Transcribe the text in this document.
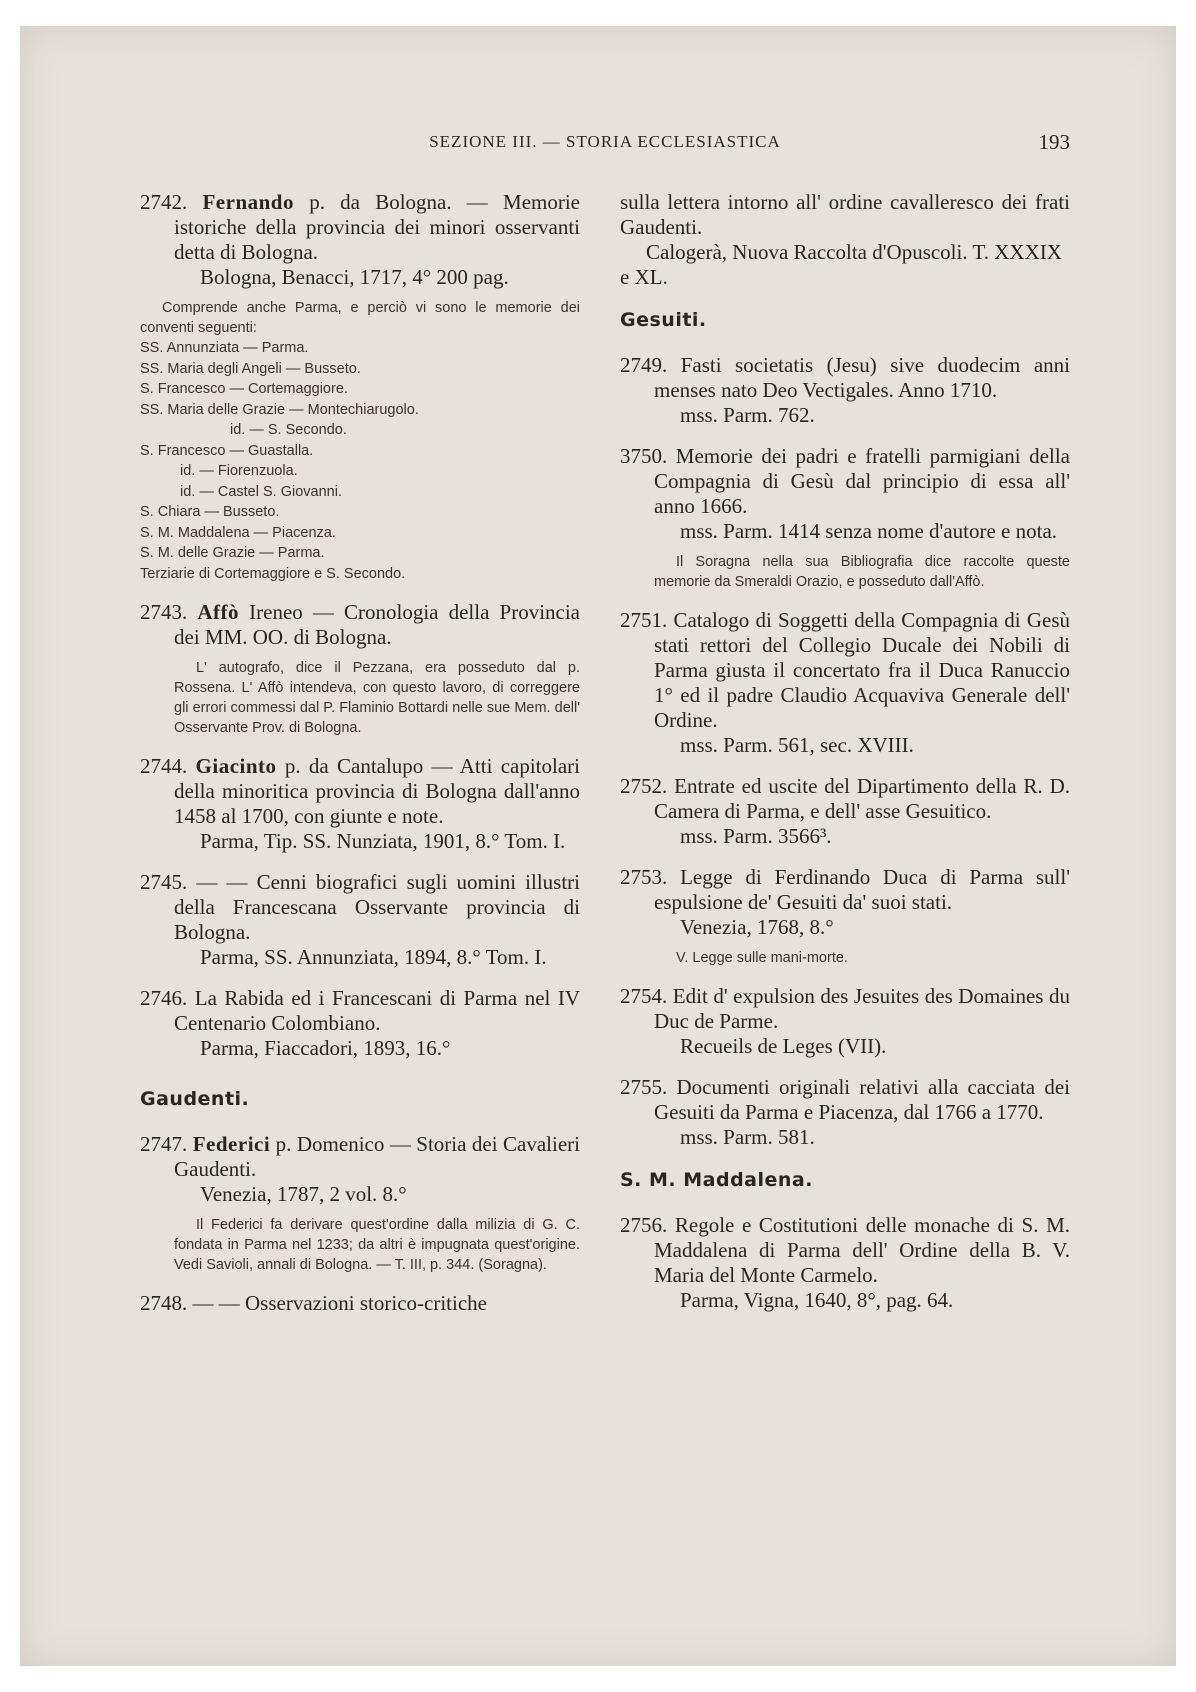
SEZIONE III. — STORIA ECCLESIASTICA	193
2742. Fernando p. da Bologna. — Memorie istoriche della provincia dei minori osservanti detta di Bologna.

Bologna, Benacci, 1717, 4° 200 pag.

Comprende anche Parma, e perciò vi sono le memorie dei conventi seguenti:
SS. Annunziata — Parma.
SS. Maria degli Angeli — Busseto.
S. Francesco — Cortemaggiore.
SS. Maria delle Grazie — Montechiarugolo.
id. — S. Secondo.
S. Francesco — Guastalla.
id. — Fiorenzuola.
id. — Castel S. Giovanni.
S. Chiara — Busseto.
S. M. Maddalena — Piacenza.
S. M. delle Grazie — Parma.
Terziarie di Cortemaggiore e S. Secondo.
2743. Affò Ireneo — Cronologia della Provincia dei MM. OO. di Bologna.
L' autografo, dice il Pezzana, era posseduto dal p. Rossena. L' Affò intendeva, con questo lavoro, di correggere gli errori commessi dal P. Flaminio Bottardi nelle sue Mem. dell' Osservante Prov. di Bologna.
2744. Giacinto p. da Cantalupo — Atti capitolari della minoritica provincia di Bologna dall'anno 1458 al 1700, con giunte e note.

Parma, Tip. SS. Nunziata, 1901, 8.° Tom. I.

2745. — — Cenni biografici sugli uomini illustri della Francescana Osservante provincia di Bologna.

Parma, SS. Annunziata, 1894, 8.° Tom. I.

2746. La Rabida ed i Francescani di Parma nel IV Centenario Colombiano.

Parma, Fiaccadori, 1893, 16.°

Gaudenti.
2747. Federici p. Domenico — Storia dei Cavalieri Gaudenti.

Venezia, 1787, 2 vol. 8.°

Il Federici fa derivare quest'ordine dalla milizia di G. C. fondata in Parma nel 1233; da altri è impugnata quest'origine. Vedi Savioli, annali di Bologna. — T. III, p. 344. (Soragna).
2748. — — Osservazioni storico-critiche
sulla lettera intorno all' ordine cavalleresco dei frati Gaudenti.

Calogerà, Nuova Raccolta d'Opuscoli. T. XXXIX e XL.

Gesuiti.
2749. Fasti societatis (Jesu) sive duodecim anni menses nato Deo Vectigales. Anno 1710.

mss. Parm. 762.

3750. Memorie dei padri e fratelli parmigiani della Compagnia di Gesù dal principio di essa all' anno 1666.

mss. Parm. 1414 senza nome d'autore e nota.

Il Soragna nella sua Bibliografia dice raccolte queste memorie da Smeraldi Orazio, e posseduto dall'Affò.
2751. Catalogo di Soggetti della Compagnia di Gesù stati rettori del Collegio Ducale dei Nobili di Parma giusta il concertato fra il Duca Ranuccio 1° ed il padre Claudio Acquaviva Generale dell' Ordine.

mss. Parm. 561, sec. XVIII.

2752. Entrate ed uscite del Dipartimento della R. D. Camera di Parma, e dell' asse Gesuitico.

mss. Parm. 3566³.

2753. Legge di Ferdinando Duca di Parma sull' espulsione de' Gesuiti da' suoi stati.

Venezia, 1768, 8.°

V. Legge sulle mani-morte.
2754. Edit d' expulsion des Jesuites des Domaines du Duc de Parme.

Recueils de Leges (VII).

2755. Documenti originali relativi alla cacciata dei Gesuiti da Parma e Piacenza, dal 1766 a 1770.

mss. Parm. 581.

S. M. Maddalena.
2756. Regole e Costitutioni delle monache di S. M. Maddalena di Parma dell' Ordine della B. V. Maria del Monte Carmelo.

Parma, Vigna, 1640, 8°, pag. 64.
